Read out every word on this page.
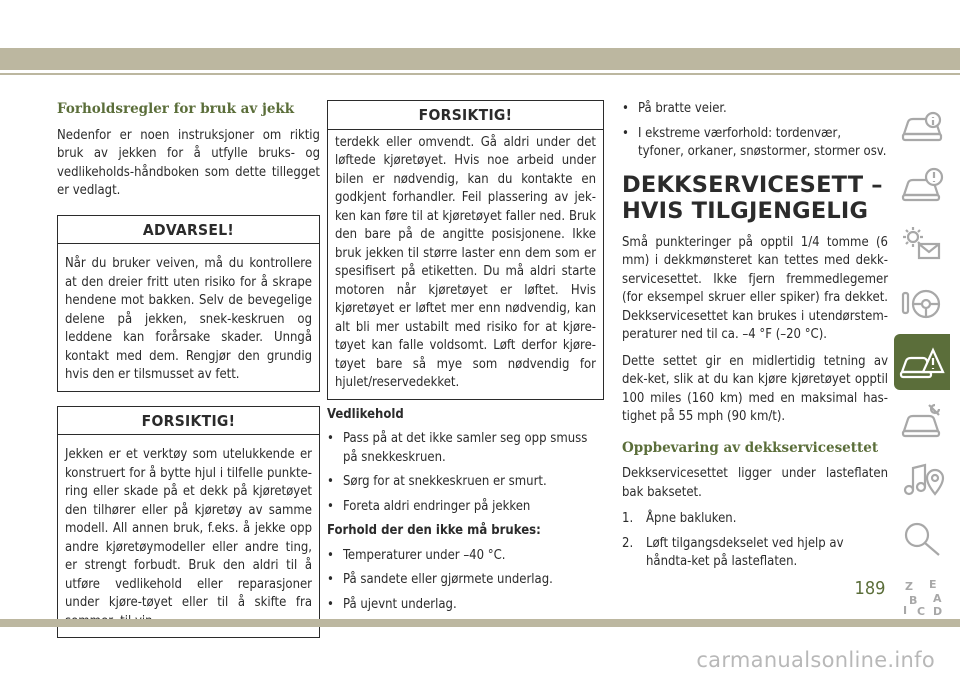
Forholdsregler for bruk av jekk

Nedenfor er noen instruksjoner om riktig bruk av jekken for å utfylle bruks- og vedlikeholds-håndboken som dette tillegget er vedlagt.

ADVARSEL!

Når du bruker veiven, må du kontrollere at den dreier fritt uten risiko for å skrape hendene mot bakken. Selv de bevegelige delene på jekken, snek-keskruen og leddene kan forårsake skader. Unngå kontakt med dem. Rengjør den grundig hvis den er tilsmusset av fett.

FORSIKTIG!

Jekken er et verktøy som utelukkende er konstruert for å bytte hjul i tilfelle punkte-ring eller skade på et dekk på kjøretøyet den tilhører eller på kjøretøy av samme modell. All annen bruk, f.eks. å jekke opp andre kjøretøymodeller eller andre ting, er strengt forbudt. Bruk den aldri til å utføre vedlikehold eller reparasjoner under kjøre-tøyet eller til å skifte fra

FORSIKTIG!

terdekk eller omvendt. Gå aldri under det løftede kjøretøyet. Hvis noe arbeid under bilen er nødvendig, kan du kontakte en godkjent forhandler. Feil plassering av jek-ken kan føre til at kjøretøyet faller ned. Bruk den bare på de angitte posisjonene. Ikke bruk jekken til større laster enn dem som er spesifisert på etiketten. Du må aldri starte motoren når kjøretøyet er løftet. Hvis kjøretøyet er løftet mer enn nødvendig, kan alt bli mer ustabilt med risiko for at kjøre-tøyet kan falle voldsomt. Løft derfor kjøre-tøyet bare så mye som nødvendig for hjulet/reservedekket.

Vedlikehold
• Pass på at det ikke samler seg opp smuss på snekkeskruen.
• Sørg for at snekkeskruen er smurt.
• Foreta aldri endringer på jekken
Forhold der den ikke må brukes:
• Temperaturer under –40 °C.
• På sandete eller gjørmete underlag.
• På ujevnt underlag.
• På bratte veier.
• I ekstreme værforhold: tordenvær, tyfoner, orkaner, snøstormer, stormer osv.
DEKKSERVICESETT – HVIS TILGJENGELIG

Små punkteringer på opptil 1/4 tomme (6 mm) i dekkmønsteret kan tettes med dekk-servicesettet. Ikke fjern fremmedlegemer (for eksempel skruer eller spiker) fra dekket. Dekkservicesettet kan brukes i utendørstem-peraturer ned til ca. –4 °F (–20 °C).

Dette settet gir en midlertidig tetning av dek-ket, slik at du kan kjøre kjøretøyet opptil 100 miles (160 km) med en maksimal has-tighet på 55 mph (90 km/t).

Oppbevaring av dekkservicesettet

Dekkservicesettet ligger under lasteflaten bak baksetet.

1. Åpne bakluken.
2. Løft tilgangsdekselet ved hjelp av håndta-ket på lasteflaten.
Z E
B A
I C D
189
carmanualsonline.info
